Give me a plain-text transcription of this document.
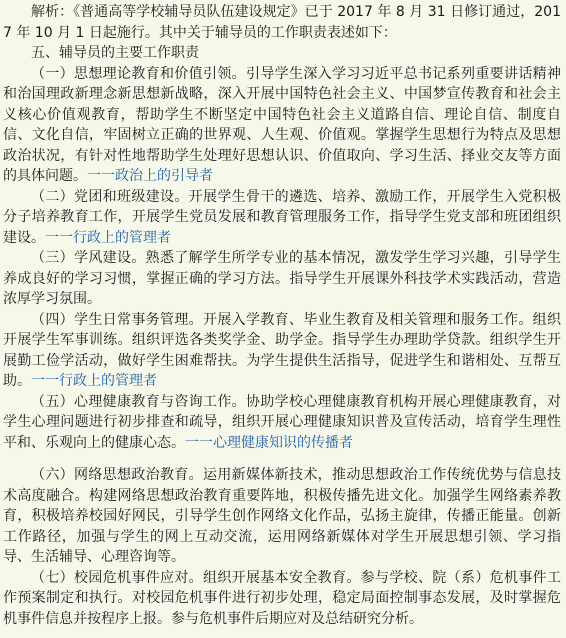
解析：《普通高等学校辅导员队伍建设规定》已于 2017 年 8 月 31 日修订通过，2017 年 10 月 1 日起施行。其中关于辅导员的工作职责表述如下：

五、辅导员的主要工作职责

（一）思想理论教育和价值引领。引导学生深入学习习近平总书记系列重要讲话精神和治国理政新理念新思想新战略，深入开展中国特色社会主义、中国梦宣传教育和社会主义核心价值观教育，帮助学生不断坚定中国特色社会主义道路自信、理论自信、制度自信、文化自信，牢固树立正确的世界观、人生观、价值观。掌握学生思想行为特点及思想政治状况，有针对性地帮助学生处理好思想认识、价值取向、学习生活、择业交友等方面的具体问题。一一政治上的引导者

（二）党团和班级建设。开展学生骨干的遴选、培养、激励工作，开展学生入党积极分子培养教育工作，开展学生党员发展和教育管理服务工作，指导学生党支部和班团组织建设。一一行政上的管理者

（三）学风建设。熟悉了解学生所学专业的基本情况，激发学生学习兴趣，引导学生养成良好的学习习惯，掌握正确的学习方法。指导学生开展课外科技学术实践活动，营造浓厚学习氛围。

（四）学生日常事务管理。开展入学教育、毕业生教育及相关管理和服务工作。组织开展学生军事训练。组织评选各类奖学金、助学金。指导学生办理助学贷款。组织学生开展勤工俭学活动，做好学生困难帮扶。为学生提供生活指导，促进学生和谐相处、互帮互助。一一行政上的管理者

（五）心理健康教育与咨询工作。协助学校心理健康教育机构开展心理健康教育，对学生心理问题进行初步排查和疏导，组织开展心理健康知识普及宣传活动，培育学生理性平和、乐观向上的健康心态。一一心理健康知识的传播者

（六）网络思想政治教育。运用新媒体新技术，推动思想政治工作传统优势与信息技术高度融合。构建网络思想政治教育重要阵地，积极传播先进文化。加强学生网络素养教育，积极培养校园好网民，引导学生创作网络文化作品，弘扬主旋律，传播正能量。创新工作路径，加强与学生的网上互动交流，运用网络新媒体对学生开展思想引领、学习指导、生活辅导、心理咨询等。

（七）校园危机事件应对。组织开展基本安全教育。参与学校、院（系）危机事件工作预案制定和执行。对校园危机事件进行初步处理，稳定局面控制事态发展，及时掌握危机事件信息并按程序上报。参与危机事件后期应对及总结研究分析。
